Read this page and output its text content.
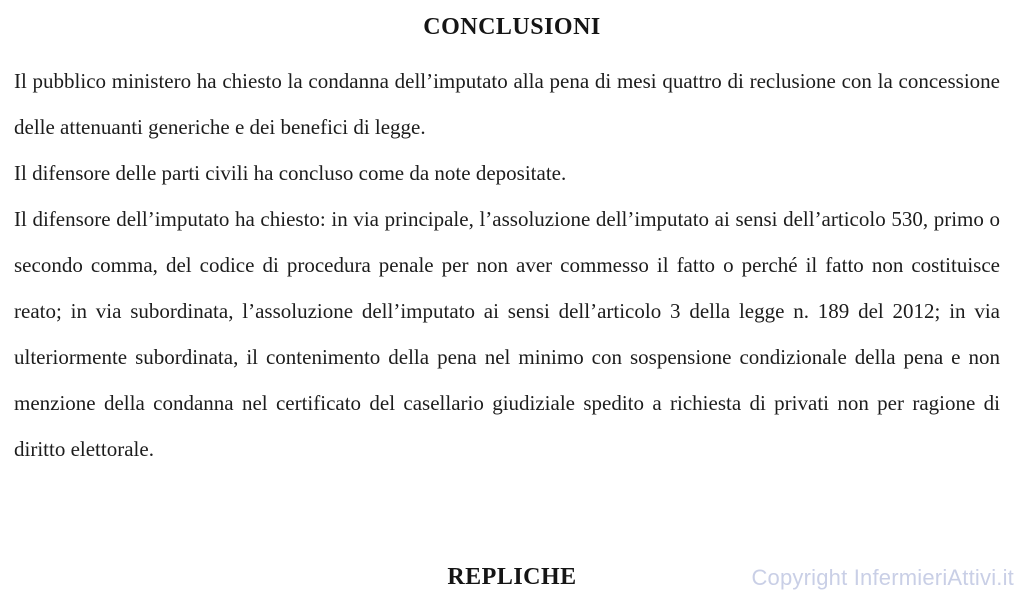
CONCLUSIONI

Il pubblico ministero ha chiesto la condanna dell’imputato alla pena di mesi quattro di reclusione con la concessione delle attenuanti generiche e dei benefici di legge.

Il difensore delle parti civili ha concluso come da note depositate.

Il difensore dell’imputato ha chiesto: in via principale, l’assoluzione dell’imputato ai sensi dell’articolo 530, primo o secondo comma, del codice di procedura penale per non aver commesso il fatto o perché il fatto non costituisce reato; in via subordinata, l’assoluzione dell’imputato ai sensi dell’articolo 3 della legge n. 189 del 2012; in via ulteriormente subordinata, il contenimento della pena nel minimo con sospensione condizionale della pena e non menzione della condanna nel certificato del casellario giudiziale spedito a richiesta di privati non per ragione di diritto elettorale.

REPLICHE	Copyright InfermieriAttivi.it
